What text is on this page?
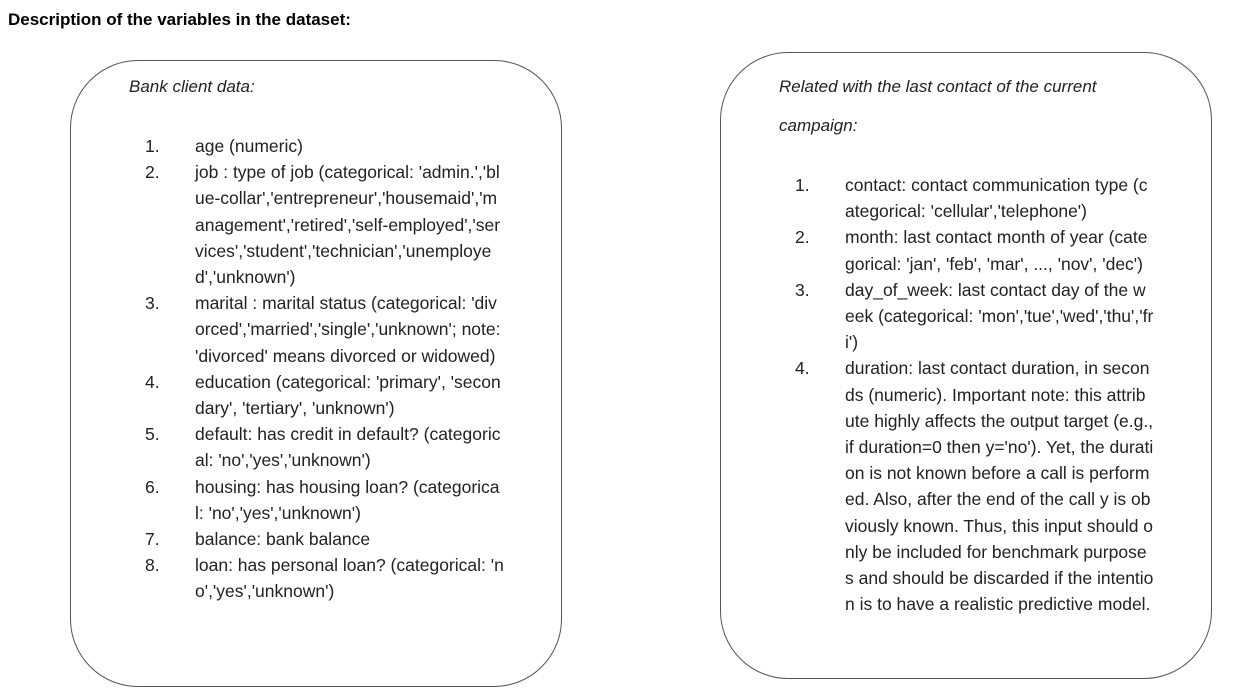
Description of the variables in the dataset:
Bank client data:
1.	age (numeric)
2.	job : type of job (categorical: 'admin.','blue-collar','entrepreneur','housemaid','management','retired','self-employed','services','student','technician','unemployed','unknown')
3.	marital : marital status (categorical: 'divorced','married','single','unknown'; note: 'divorced' means divorced or widowed)
4.	education (categorical: 'primary', 'secondary', 'tertiary', 'unknown')
5.	default: has credit in default? (categorical: 'no','yes','unknown')
6.	housing: has housing loan? (categorical: 'no','yes','unknown')
7.	balance: bank balance
8.	loan: has personal loan? (categorical: 'no','yes','unknown')
Related with the last contact of the current campaign:
1.	contact: contact communication type (categorical: 'cellular','telephone')
2.	month: last contact month of year (categorical: 'jan', 'feb', 'mar', ..., 'nov', 'dec')
3.	day_of_week: last contact day of the week (categorical: 'mon','tue','wed','thu','fri')
4.	duration: last contact duration, in seconds (numeric). Important note: this attribute highly affects the output target (e.g., if duration=0 then y='no'). Yet, the duration is not known before a call is performed. Also, after the end of the call y is obviously known. Thus, this input should only be included for benchmark purposes and should be discarded if the intention is to have a realistic predictive model.
